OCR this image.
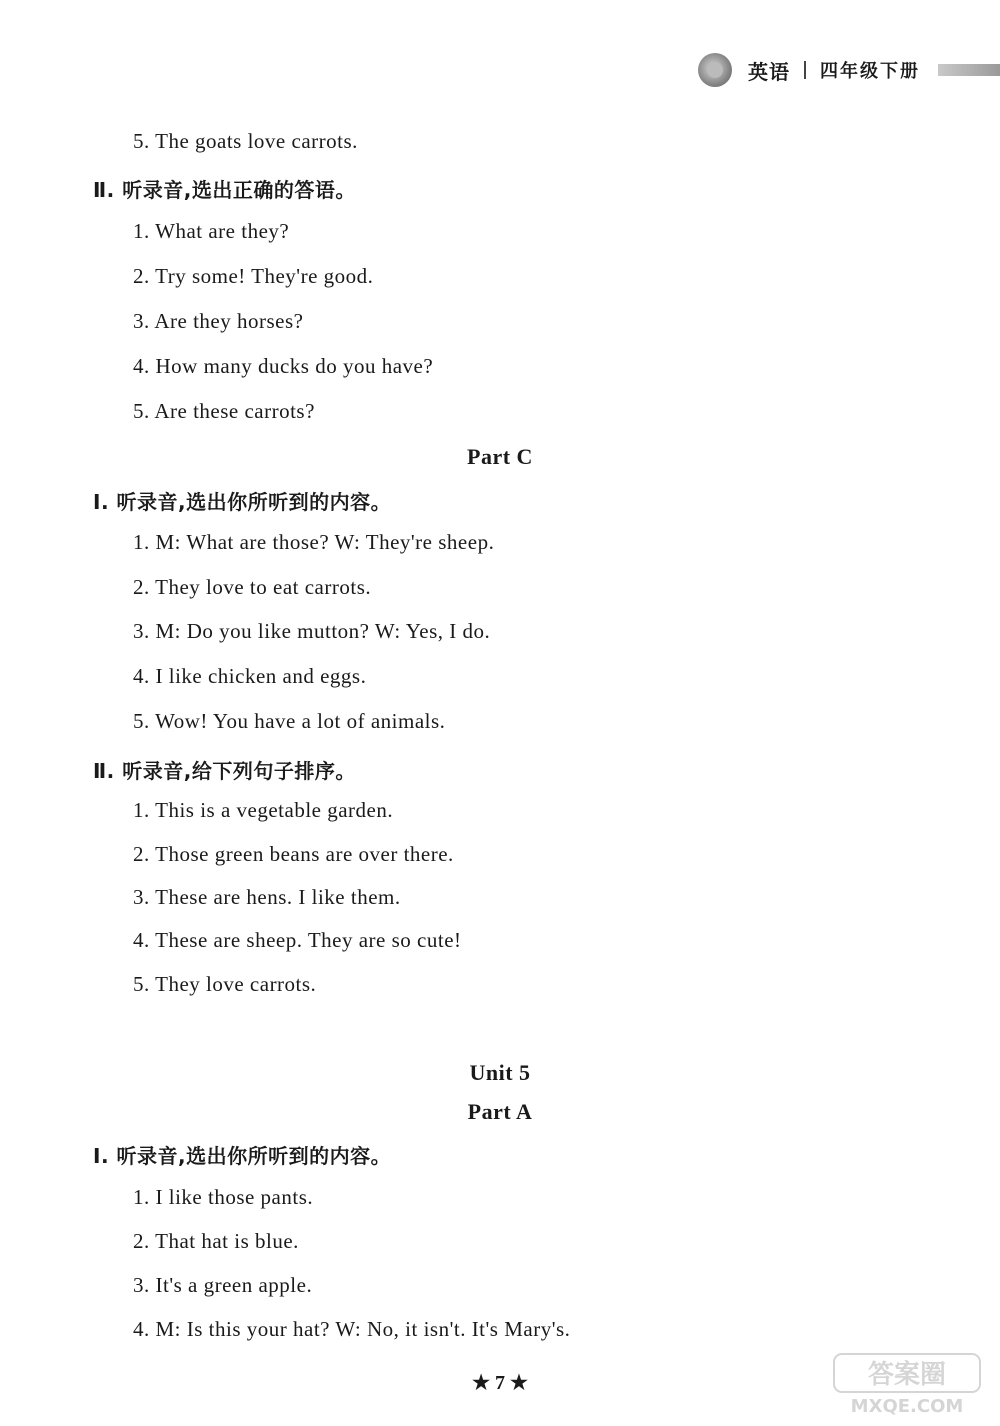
英语 四年级下册
5. The goats love carrots.
Ⅱ. 听录音,选出正确的答语。
1. What are they?
2. Try some! They're good.
3. Are they horses?
4. How many ducks do you have?
5. Are these carrots?
Part C
Ⅰ. 听录音,选出你所听到的内容。
1. M: What are those? W: They're sheep.
2. They love to eat carrots.
3. M: Do you like mutton? W: Yes, I do.
4. I like chicken and eggs.
5. Wow! You have a lot of animals.
Ⅱ. 听录音,给下列句子排序。
1. This is a vegetable garden.
2. Those green beans are over there.
3. These are hens. I like them.
4. These are sheep. They are so cute!
5. They love carrots.
Unit 5
Part A
Ⅰ. 听录音,选出你所听到的内容。
1. I like those pants.
2. That hat is blue.
3. It's a green apple.
4. M: Is this your hat? W: No, it isn't. It's Mary's.
★ 7 ★	答案圈
MXQE.COM
